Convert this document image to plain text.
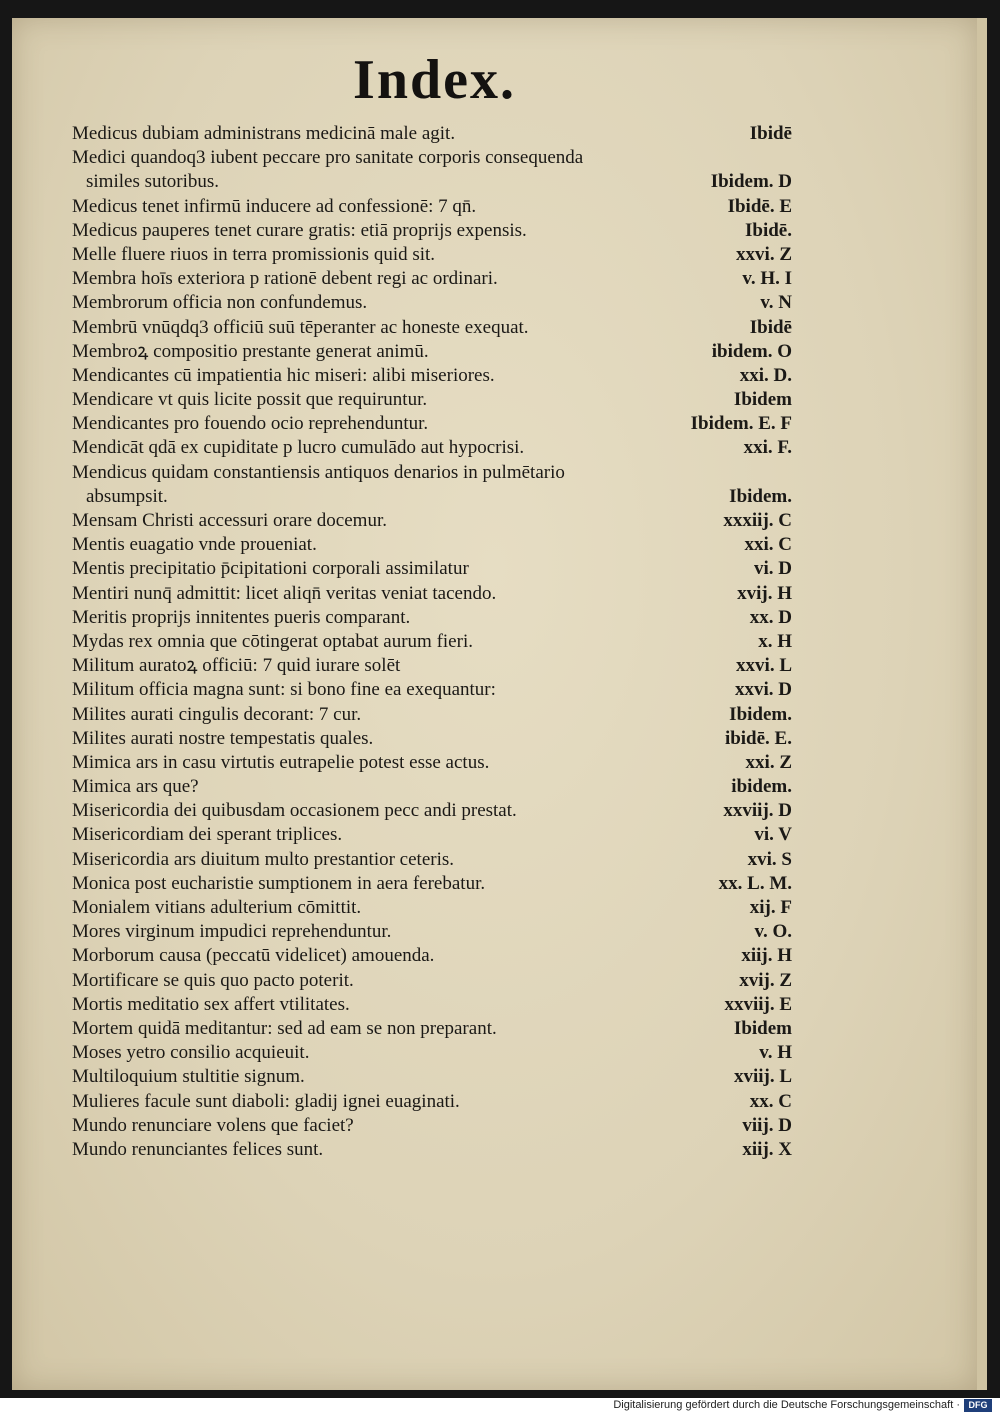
Index.
Medicus dubiam administrans medicinā male agit.	Ibidē
Medici quandoq3 iubent peccare pro sanitate corporis consequenda
similes sutoribus.	Ibidem. D
Medicus tenet infirmū inducere ad confessionē: 7 qn̄.	Ibidē. E
Medicus pauperes tenet curare gratis: etiā proprijs expensis.	Ibidē.
Melle fluere riuos in terra promissionis quid sit.	xxvi. Z
Membra hoīs exteriora p rationē debent regi ac ordinari.	v. H. I
Membrorum officia non confundemus.	v. N
Membrū vnūqdq3 officiū suū tēperanter ac honeste exequat.	Ibidē
Membroꝝ compositio prestante generat animū.	ibidem. O
Mendicantes cū impatientia hic miseri: alibi miseriores.	xxi. D.
Mendicare vt quis licite possit que requiruntur.	Ibidem
Mendicantes pro fouendo ocio reprehenduntur.	Ibidem. E. F
Mendicāt qdā ex cupiditate p lucro cumulādo aut hypocrisi.	xxi. F.
Mendicus quidam constantiensis antiquos denarios in pulmētario
absumpsit.	Ibidem.
Mensam Christi accessuri orare docemur.	xxxiij. C
Mentis euagatio vnde proueniat.	xxi. C
Mentis precipitatio p̄cipitationi corporali assimilatur	vi. D
Mentiri nunq̄ admittit: licet aliqn̄ veritas veniat tacendo.	xvij. H
Meritis proprijs innitentes pueris comparant.	xx. D
Mydas rex omnia que cōtingerat optabat aurum fieri.	x. H
Militum auratoꝝ officiū: 7 quid iurare solēt	xxvi. L
Militum officia magna sunt: si bono fine ea exequantur:	xxvi. D
Milites aurati cingulis decorant: 7 cur.	Ibidem.
Milites aurati nostre tempestatis quales.	ibidē. E.
Mimica ars in casu virtutis eutrapelie potest esse actus.	xxi. Z
Mimica ars que?	ibidem.
Misericordia dei quibusdam occasionem pecc andi prestat.	xxviij. D
Misericordiam dei sperant triplices.	vi. V
Misericordia ars diuitum multo prestantior ceteris.	xvi. S
Monica post eucharistie sumptionem in aera ferebatur.	xx. L. M.
Monialem vitians adulterium cōmittit.	xij. F
Mores virginum impudici reprehenduntur.	v. O.
Morborum causa (peccatū videlicet) amouenda.	xiij. H
Mortificare se quis quo pacto poterit.	xvij. Z
Mortis meditatio sex affert vtilitates.	xxviij. E
Mortem quidā meditantur: sed ad eam se non preparant.	Ibidem
Moses yetro consilio acquieuit.	v. H
Multiloquium stultitie signum.	xviij. L
Mulieres facule sunt diaboli: gladij ignei euaginati.	xx. C
Mundo renunciare volens que faciet?	viij. D
Mundo renunciantes felices sunt.	xiij. X
Digitalisierung gefördert durch die Deutsche Forschungsgemeinschaft · DFG
